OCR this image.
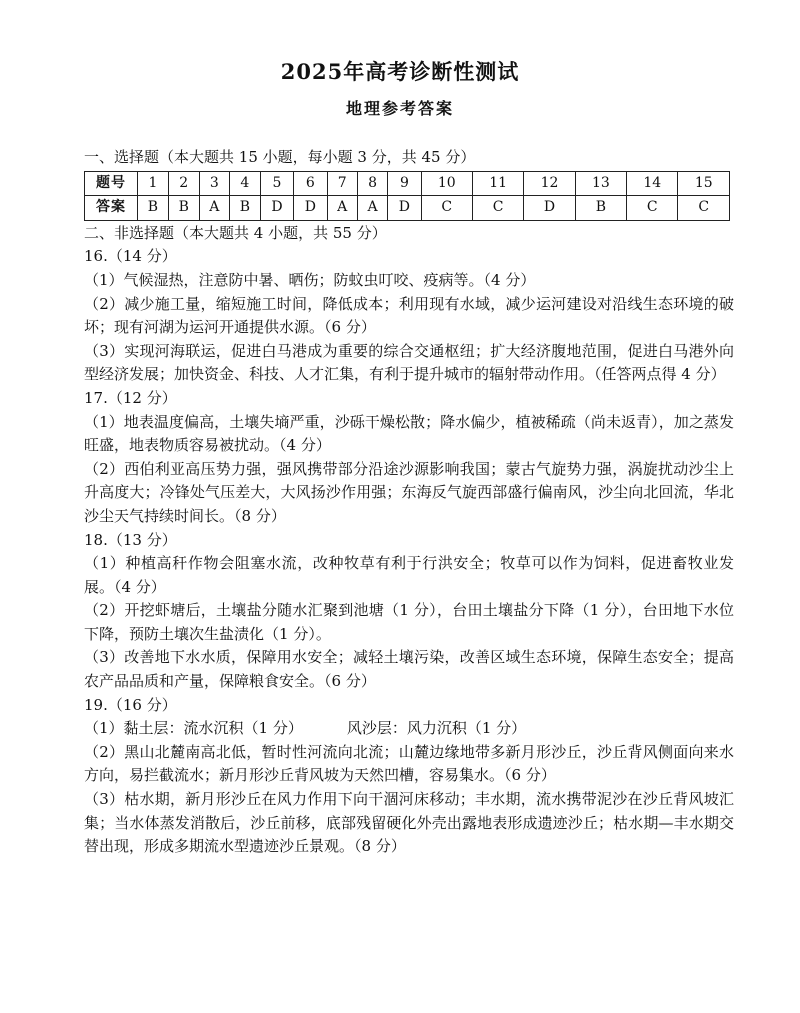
2025年高考诊断性测试
地理参考答案
一、选择题（本大题共 15 小题，每小题 3 分，共 45 分）
题号	1	2	3	4	5	6	7	8	9	10	11	12	13	14	15
答案	B	B	A	B	D	D	A	A	D	C	C	D	B	C	C
二、非选择题（本大题共 4 小题，共 55 分）
16.（14 分）
（1）气候湿热，注意防中暑、晒伤；防蚊虫叮咬、疫病等。（4 分）
（2）减少施工量，缩短施工时间，降低成本；利用现有水域，减少运河建设对沿线生态环境的破坏；现有河湖为运河开通提供水源。（6 分）
（3）实现河海联运，促进白马港成为重要的综合交通枢纽；扩大经济腹地范围，促进白马港外向型经济发展；加快资金、科技、人才汇集，有利于提升城市的辐射带动作用。（任答两点得 4 分）
17.（12 分）
（1）地表温度偏高，土壤失墒严重，沙砾干燥松散；降水偏少，植被稀疏（尚未返青），加之蒸发旺盛，地表物质容易被扰动。（4 分）
（2）西伯利亚高压势力强，强风携带部分沿途沙源影响我国；蒙古气旋势力强，涡旋扰动沙尘上升高度大；冷锋处气压差大，大风扬沙作用强；东海反气旋西部盛行偏南风，沙尘向北回流，华北沙尘天气持续时间长。（8 分）
18.（13 分）
（1）种植高秆作物会阻塞水流，改种牧草有利于行洪安全；牧草可以作为饲料，促进畜牧业发展。（4 分）
（2）开挖虾塘后，土壤盐分随水汇聚到池塘（1 分），台田土壤盐分下降（1 分），台田地下水位下降，预防土壤次生盐渍化（1 分）。
（3）改善地下水水质，保障用水安全；减轻土壤污染，改善区域生态环境，保障生态安全；提高农产品品质和产量，保障粮食安全。（6 分）
19.（16 分）
（1）黏土层：流水沉积（1 分）	风沙层：风力沉积（1 分）
（2）黑山北麓南高北低，暂时性河流向北流；山麓边缘地带多新月形沙丘，沙丘背风侧面向来水方向，易拦截流水；新月形沙丘背风坡为天然凹槽，容易集水。（6 分）
（3）枯水期，新月形沙丘在风力作用下向干涸河床移动；丰水期，流水携带泥沙在沙丘背风坡汇集；当水体蒸发消散后，沙丘前移，底部残留硬化外壳出露地表形成遗迹沙丘；枯水期—丰水期交替出现，形成多期流水型遗迹沙丘景观。（8 分）
